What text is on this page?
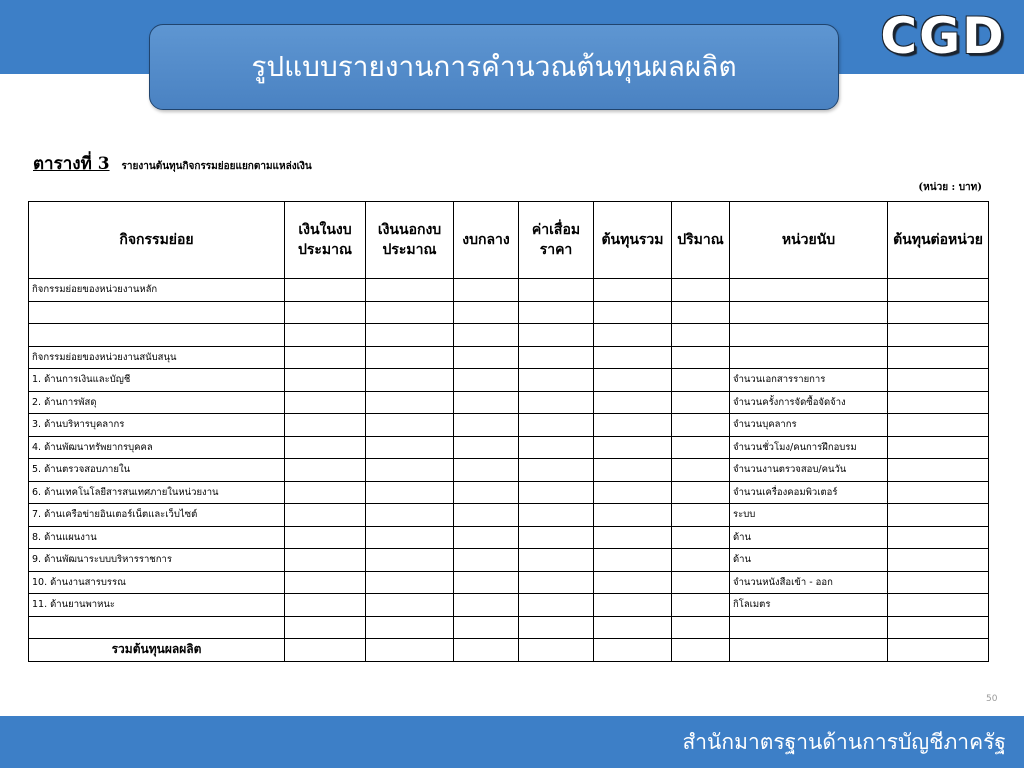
รูปแบบรายงานการคำนวณต้นทุนผลผลิต
CGD
ตารางที่ 3 รายงานต้นทุนกิจกรรมย่อยแยกตามแหล่งเงิน
(หน่วย : บาท)
กิจกรรมย่อย	เงินในงบประมาณ	เงินนอกงบประมาณ	งบกลาง	ค่าเสื่อมราคา	ต้นทุนรวม	ปริมาณ	หน่วยนับ	ต้นทุนต่อหน่วย
กิจกรรมย่อยของหน่วยงานหลัก								

กิจกรรมย่อยของหน่วยงานสนับสนุน								
1. ด้านการเงินและบัญชี							จำนวนเอกสารรายการ	
2. ด้านการพัสดุ							จำนวนครั้งการจัดซื้อจัดจ้าง	
3. ด้านบริหารบุคลากร							จำนวนบุคลากร	
4. ด้านพัฒนาทรัพยากรบุคคล							จำนวนชั่วโมง/คนการฝึกอบรม	
5. ด้านตรวจสอบภายใน							จำนวนงานตรวจสอบ/คนวัน	
6. ด้านเทคโนโลยีสารสนเทศภายในหน่วยงาน							จำนวนเครื่องคอมพิวเตอร์	
7. ด้านเครือข่ายอินเตอร์เน็ตและเว็บไซต์							ระบบ	
8. ด้านแผนงาน							ด้าน	
9. ด้านพัฒนาระบบบริหารราชการ							ด้าน	
10. ด้านงานสารบรรณ							จำนวนหนังสือเข้า - ออก	
11. ด้านยานพาหนะ							กิโลเมตร	

รวมต้นทุนผลผลิต								
50
สำนักมาตรฐานด้านการบัญชีภาครัฐ
